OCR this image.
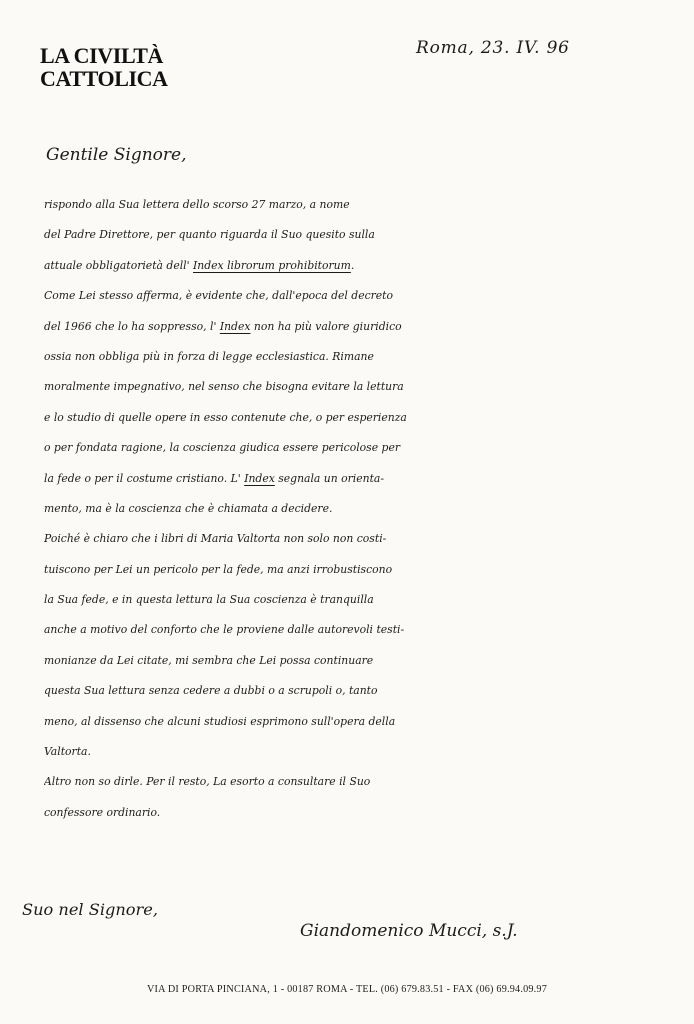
LA CIVILTÀ
CATTOLICA
Roma, 23. IV. 96
Gentile Signore,
rispondo alla Sua lettera dello scorso 27 marzo, a nome
del Padre Direttore, per quanto riguarda il Suo quesito sulla
attuale obbligatorietà dell' Index librorum prohibitorum.
Come Lei stesso afferma, è evidente che, dall'epoca del decreto
del 1966 che lo ha soppresso, l' Index non ha più valore giuridico
ossia non obbliga più in forza di legge ecclesiastica. Rimane
moralmente impegnativo, nel senso che bisogna evitare la lettura
e lo studio di quelle opere in esso contenute che, o per esperienza
o per fondata ragione, la coscienza giudica essere pericolose per
la fede o per il costume cristiano. L' Index segnala un orienta-
mento, ma è la coscienza che è chiamata a decidere.
Poiché è chiaro che i libri di Maria Valtorta non solo non costi-
tuiscono per Lei un pericolo per la fede, ma anzi irrobustiscono
la Sua fede, e in questa lettura la Sua coscienza è tranquilla
anche a motivo del conforto che le proviene dalle autorevoli testi-
monianze da Lei citate, mi sembra che Lei possa continuare
questa Sua lettura senza cedere a dubbi o a scrupoli o, tanto
meno, al dissenso che alcuni studiosi esprimono sull'opera della
Valtorta.
Altro non so dirle. Per il resto, La esorto a consultare il Suo
confessore ordinario.
Suo nel Signore,
Giandomenico Mucci, s.J.
VIA DI PORTA PINCIANA, 1 - 00187 ROMA - TEL. (06) 679.83.51 - FAX (06) 69.94.09.97
